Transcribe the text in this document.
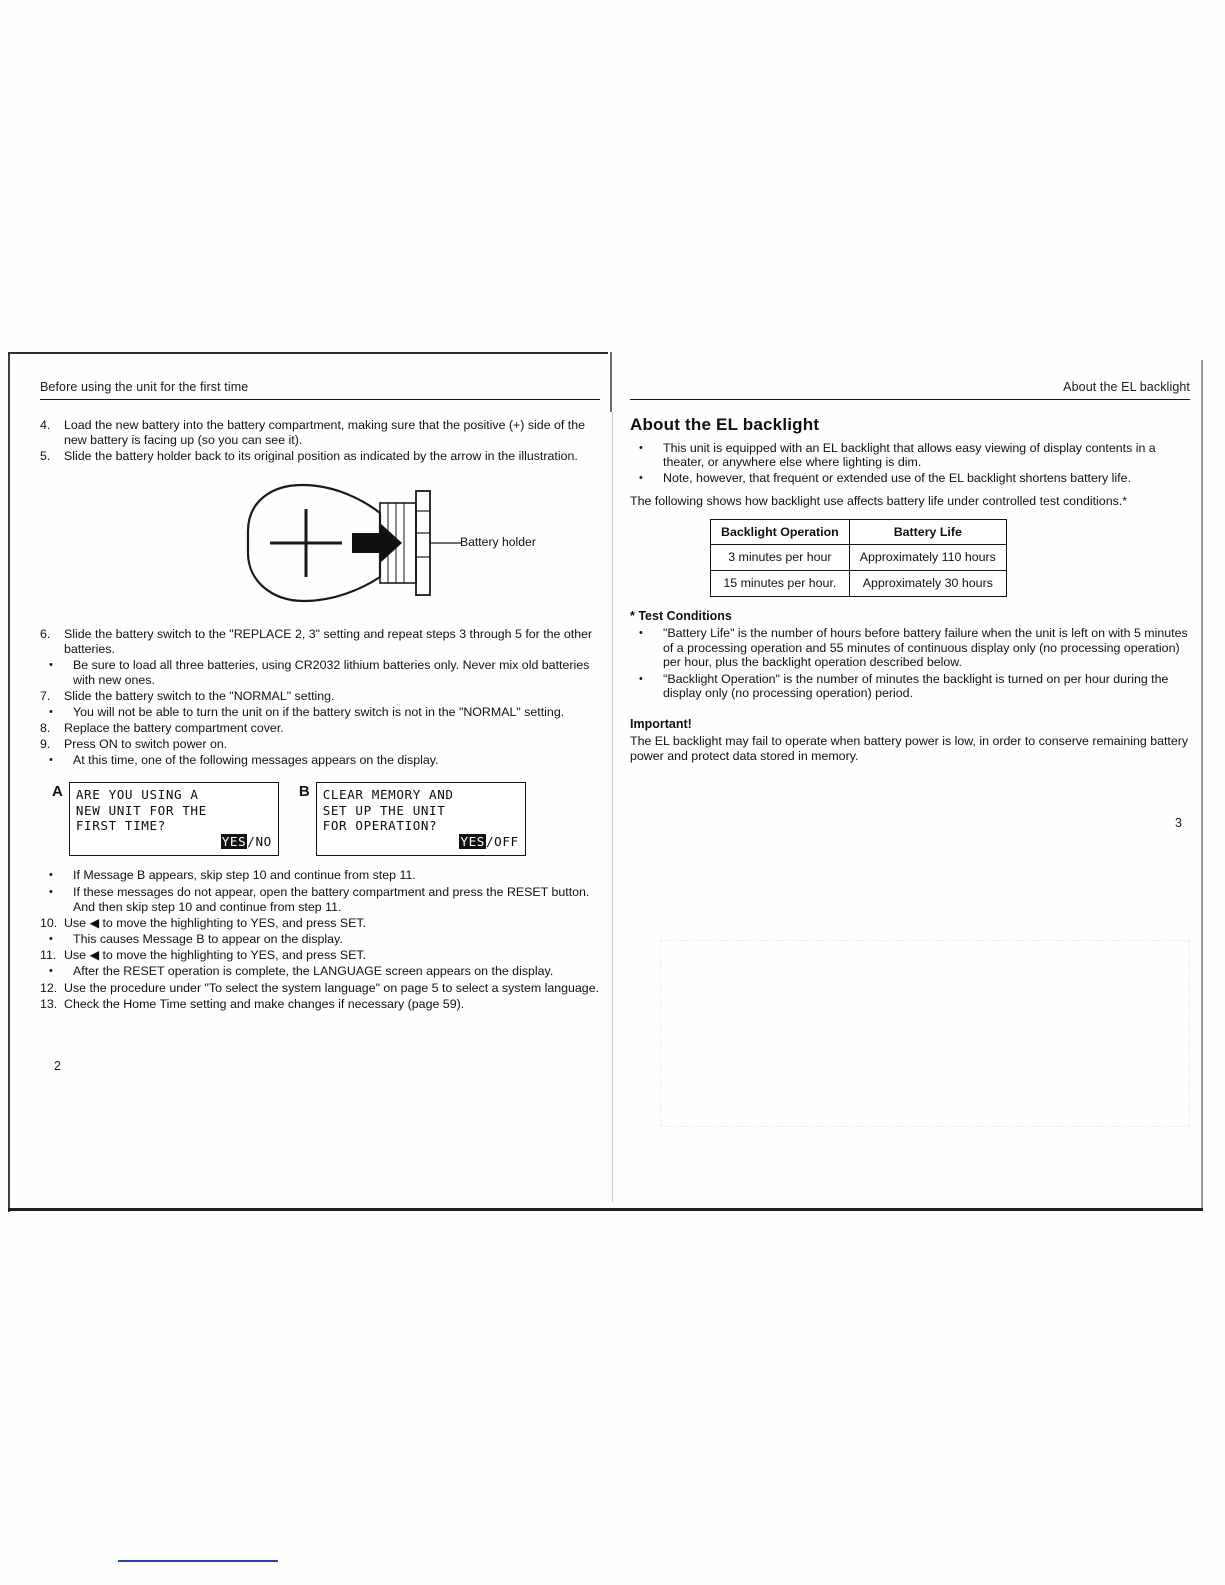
Before using the unit for the first time
4.	Load the new battery into the battery compartment, making sure that the positive (+) side of the new battery is facing up (so you can see it).
5.	Slide the battery holder back to its original position as indicated by the arrow in the illustration.
Battery holder
6.	Slide the battery switch to the "REPLACE 2, 3" setting and repeat steps 3 through 5 for the other batteries.
•	Be sure to load all three batteries, using CR2032 lithium batteries only. Never mix old batteries with new ones.
7.	Slide the battery switch to the "NORMAL" setting.
•	You will not be able to turn the unit on if the battery switch is not in the "NORMAL" setting.
8.	Replace the battery compartment cover.
9.	Press ON to switch power on.
•	At this time, one of the following messages appears on the display.
A	ARE YOU USING A
NEW UNIT FOR THE
FIRST TIME?
YES/NO
B	CLEAR MEMORY AND
SET UP THE UNIT
FOR OPERATION?
YES/OFF
•	If Message B appears, skip step 10 and continue from step 11.
•	If these messages do not appear, open the battery compartment and press the RESET button. And then skip step 10 and continue from step 11.
10. Use ◀ to move the highlighting to YES, and press SET.
•	This causes Message B to appear on the display.
11. Use ◀ to move the highlighting to YES, and press SET.
•	After the RESET operation is complete, the LANGUAGE screen appears on the display.
12. Use the procedure under "To select the system language" on page 5 to select a system language.
13. Check the Home Time setting and make changes if necessary (page 59).
2
About the EL backlight
About the EL backlight
•	This unit is equipped with an EL backlight that allows easy viewing of display contents in a theater, or anywhere else where lighting is dim.
•	Note, however, that frequent or extended use of the EL backlight shortens battery life.

The following shows how backlight use affects battery life under controlled test conditions.*

Backlight Operation	Battery Life
3 minutes per hour	Approximately 110 hours
15 minutes per hour.	Approximately 30 hours
* Test Conditions
•	"Battery Life" is the number of hours before battery failure when the unit is left on with 5 minutes of a processing operation and 55 minutes of continuous display only (no processing operation) per hour, plus the backlight operation described below.
•	"Backlight Operation" is the number of minutes the backlight is turned on per hour during the display only (no processing operation) period.
Important!

The EL backlight may fail to operate when battery power is low, in order to conserve remaining battery power and protect data stored in memory.

3
